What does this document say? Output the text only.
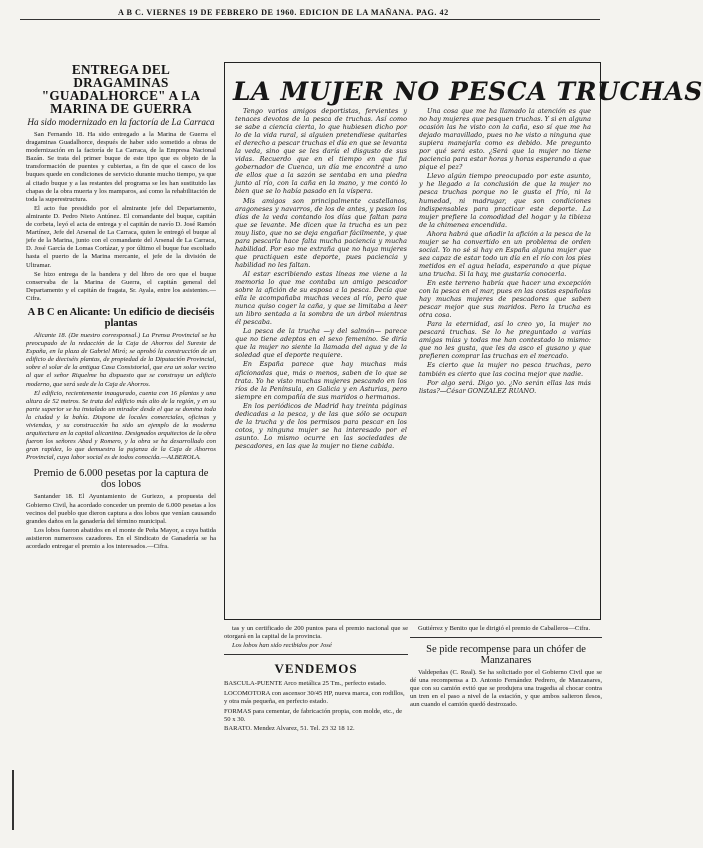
A B C. VIERNES 19 DE FEBRERO DE 1960. EDICION DE LA MAÑANA. PAG. 42
ENTREGA DEL DRAGAMINAS "GUADALHORCE" A LA MARINA DE GUERRA
Ha sido modernizado en la factoría de La Carraca

San Fernando 18. Ha sido entregado a la Marina de Guerra el dragaminas Guadalhorce, después de haber sido sometido a obras de modernización en la factoría de La Carraca, de la Empresa Nacional Bazán. Se trata del primer buque de este tipo que es objeto de la transformación de puentes y cubiertas, a fin de que el casco de los buques quede en condiciones de servicio durante mucho tiempo, ya que al citado buque y a las restantes del programa se les han sustituido las chapas de la obra muerta y los mamparos, así como la rehabilitación de toda la superestructura.

El acto fue presidido por el almirante jefe del Departamento, almirante D. Pedro Nieto Antúnez. El comandante del buque, capitán de corbeta, leyó el acta de entrega y el capitán de navío D. José Ramón Martínez, Jefe del Arsenal de La Carraca, quien le entregó el buque al jefe de la Marina, junto con el comandante del Arsenal de La Carraca, D. José García de Lomas Cortázar, y por último el buque fue escoltado hasta el puerto de la Marina mercante, el jefe de la división de Ultramar.

Se hizo entrega de la bandera y del libro de oro que el buque conservaba de la Marina de Guerra, el capitán general del Departamento y el capitán de fragata, Sr. Ayala, entre los asistentes.—Cifra.

A B C en Alicante: Un edificio de dieciséis plantas

Alicante 18. (De nuestro corresponsal.) La Prensa Provincial se ha preocupado de la redacción de la Caja de Ahorros del Sureste de España, en la plaza de Gabriel Miró; se aprobó la construcción de un edificio de dieciséis plantas, de propiedad de la Diputación Provincial, sobre el solar de la antigua Casa Consistorial, que era un solar vecino al que el señor Riquelme ha dispuesto que se construya un edificio moderno, que será sede de la Caja de Ahorros.

El edificio, recientemente inaugurado, cuenta con 16 plantas y una altura de 52 metros. Se trata del edificio más alto de la región, y en su parte superior se ha instalado un mirador desde el que se domina toda la ciudad y la bahía. Dispone de locales comerciales, oficinas y viviendas, y su construcción ha sido un ejemplo de la moderna arquitectura en la capital alicantina. Designados arquitectos de la obra fueron los señores Abad y Romero, y la obra se ha desarrollado con gran rapidez, lo que demuestra la pujanza de la Caja de Ahorros Provincial, cuya labor social es de todos conocida.—ALBEROLA.

Premio de 6.000 pesetas por la captura de dos lobos

Santander 18. El Ayuntamiento de Guriezo, a propuesta del Gobierno Civil, ha acordado conceder un premio de 6.000 pesetas a los vecinos del pueblo que dieron captura a dos lobos que venían causando grandes daños en la ganadería del término municipal.

Los lobos fueron abatidos en el monte de Peña Mayor, a cuya batida asistieron numerosos cazadores. En el Sindicato de Ganadería se ha acordado entregar el premio a los interesados.—Cifra.

LA MUJER NO PESCA TRUCHAS

Tengo varios amigos deportistas, fervientes y tenaces devotos de la pesca de truchas. Así como se sabe a ciencia cierta, lo que hubiesen dicho por lo de la vida rural, si alguien pretendiese quitarles el derecho a pescar truchas el día en que se levanta la veda, sino que se les daría el disgusto de sus vidas. Recuerdo que en el tiempo en que fui gobernador de Cuenca, un día me encontré a uno de ellos que a la sazón se sentaba en una piedra junto al río, con la caña en la mano, y me contó lo bien que se lo había pasado en la víspera.

Mis amigos son principalmente castellanos, aragoneses y navarros, de los de antes, y pasan los días de la veda contando los días que faltan para que se levante. Me dicen que la trucha es un pez muy listo, que no se deja engañar fácilmente, y que para pescarla hace falta mucha paciencia y mucha habilidad. Por eso me extraña que no haya mujeres que practiquen este deporte, pues paciencia y habilidad no les faltan.

Al estar escribiendo estas líneas me viene a la memoria lo que me contaba un amigo pescador sobre la afición de su esposa a la pesca. Decía que ella le acompañaba muchas veces al río, pero que nunca quiso coger la caña, y que se limitaba a leer un libro sentada a la sombra de un árbol mientras él pescaba.

La pesca de la trucha —y del salmón— parece que no tiene adeptos en el sexo femenino. Se diría que la mujer no siente la llamada del agua y de la soledad que el deporte requiere.

En España parece que hay muchas más aficionadas que, más o menos, saben de lo que se trata. Yo he visto muchas mujeres pescando en los ríos de la Península, en Galicia y en Asturias, pero siempre en compañía de sus maridos o hermanos.

En los periódicos de Madrid hay treinta páginas dedicadas a la pesca, y de las que sólo se ocupan de la trucha y de los permisos para pescar en los cotos, y ninguna mujer se ha interesado por el asunto. Lo mismo ocurre en las sociedades de pescadores, en las que la mujer no tiene cabida.

Una cosa que me ha llamado la atención es que no hay mujeres que pesquen truchas. Y si en alguna ocasión las he visto con la caña, eso sí que me ha dejado maravillado, pues no he visto a ninguna que supiera manejarla como es debido. Me pregunto por qué será esto. ¿Será que la mujer no tiene paciencia para estar horas y horas esperando a que pique el pez?

Llevo algún tiempo preocupado por este asunto, y he llegado a la conclusión de que la mujer no pesca truchas porque no le gusta el frío, ni la humedad, ni madrugar, que son condiciones indispensables para practicar este deporte. La mujer prefiere la comodidad del hogar y la tibieza de la chimenea encendida.

Ahora habrá que añadir la afición a la pesca de la mujer se ha convertido en un problema de orden social. Yo no sé si hay en España alguna mujer que sea capaz de estar todo un día en el río con los pies metidos en el agua helada, esperando a que pique una trucha. Si la hay, me gustaría conocerla.

En este terreno habría que hacer una excepción con la pesca en el mar, pues en las costas españolas hay muchas mujeres de pescadores que saben pescar mejor que sus maridos. Pero la trucha es otra cosa.

Para la eternidad, así lo creo yo, la mujer no pescará truchas. Se lo he preguntado a varias amigas mías y todas me han contestado lo mismo: que no les gusta, que les da asco el gusano y que prefieren comprar las truchas en el mercado.

Es cierto que la mujer no pesca truchas, pero también es cierto que las cocina mejor que nadie.

Por algo será. Digo yo. ¿No serán ellas las más listas?—César GONZALEZ RUANO.

tas y un certificado de 200 puntos para el premio nacional que se otorgará en la capital de la provincia.

Los lobos han sido recibidos por José

VENDEMOS

BASCULA-PUENTE Arco metálica 25 Tm., perfecto estado.

LOCOMOTORA con ascensor 30/45 HP, nueva marca, con rodillos, y otra más pequeña, en perfecto estado.

FORMAS para cementar, de fabricación propia, con molde, etc., de 50 x 30.

BARATO. Mendez Alvarez, 51. Tel. 23 32 18 12.

Gutiérrez y Benito que le dirigió el premio de Caballeros—Cifra.

Se pide recompense para un chófer de Manzanares

Valdepeñas (C. Real). Se ha solicitado por el Gobierno Civil que se dé una recompensa a D. Antonio Fernández Pedrero, de Manzanares, que con su camión evitó que se produjera una tragedia al chocar contra un tren en el paso a nivel de la estación, y que ambos salieron ilesos, aun cuando el camión quedó destrozado.
